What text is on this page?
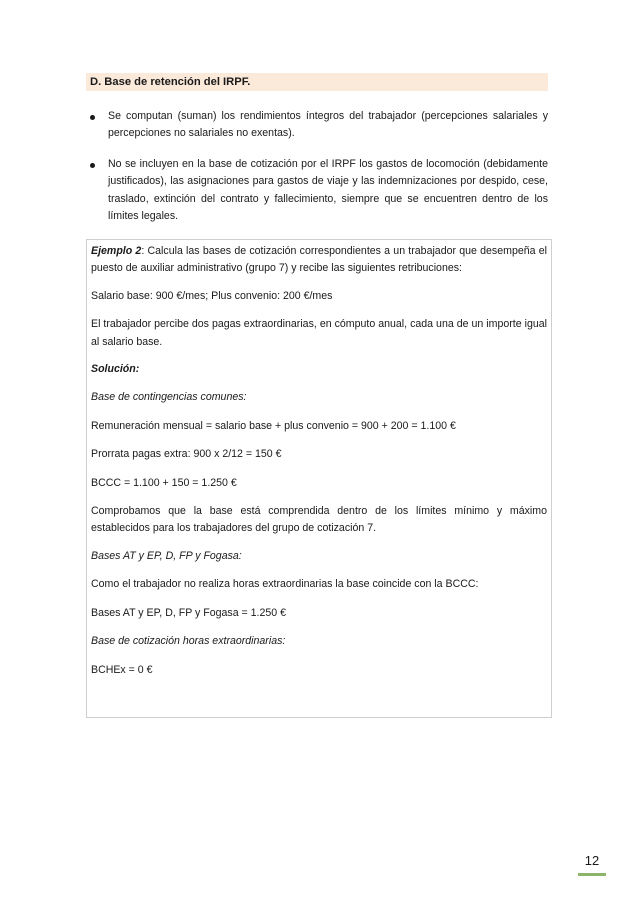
D. Base de retención del IRPF.
Se computan (suman) los rendimientos íntegros del trabajador (percepciones salariales y percepciones no salariales no exentas).
No se incluyen en la base de cotización por el IRPF los gastos de locomoción (debidamente justificados), las asignaciones para gastos de viaje y las indemnizaciones por despido, cese, traslado, extinción del contrato y fallecimiento, siempre que se encuentren dentro de los límites legales.

Ejemplo 2: Calcula las bases de cotización correspondientes a un trabajador que desempeña el puesto de auxiliar administrativo (grupo 7) y recibe las siguientes retribuciones:

Salario base: 900 €/mes; Plus convenio: 200 €/mes

El trabajador percibe dos pagas extraordinarias, en cómputo anual, cada una de un importe igual al salario base.

Solución:

Base de contingencias comunes:

Remuneración mensual = salario base + plus convenio = 900 + 200 = 1.100 €

Prorrata pagas extra: 900 x 2/12 = 150 €

BCCC = 1.100 + 150 = 1.250 €

Comprobamos que la base está comprendida dentro de los límites mínimo y máximo establecidos para los trabajadores del grupo de cotización 7.

Bases AT y EP, D, FP y Fogasa:

Como el trabajador no realiza horas extraordinarias la base coincide con la BCCC:

Bases AT y EP, D, FP y Fogasa = 1.250 €

Base de cotización horas extraordinarias:

BCHEx = 0 €

12
